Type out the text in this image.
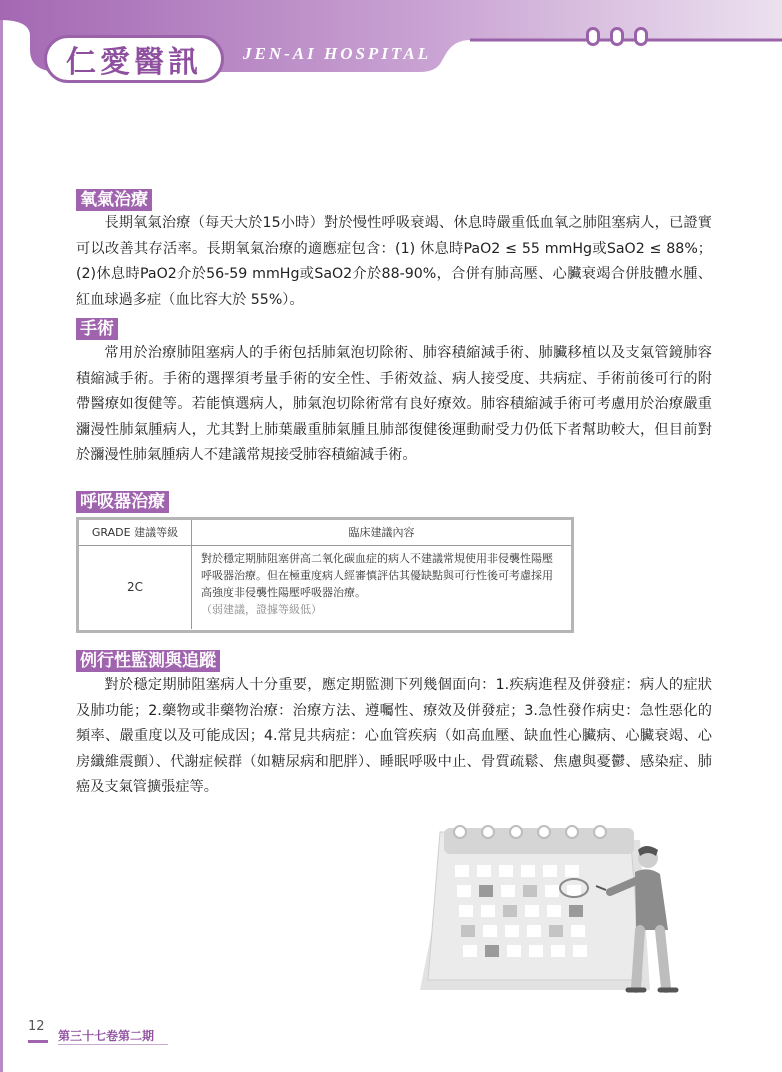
仁愛醫訊 JEN-AI HOSPITAL
氧氣治療

長期氧氣治療（每天大於15小時）對於慢性呼吸衰竭、休息時嚴重低血氧之肺阻塞病人，已證實可以改善其存活率。長期氧氣治療的適應症包含：(1) 休息時PaO2 ≤ 55 mmHg或SaO2 ≤ 88%；(2)休息時PaO2介於56-59 mmHg或SaO2介於88-90%，合併有肺高壓、心臟衰竭合併肢體水腫、紅血球過多症（血比容大於 55%）。

手術

常用於治療肺阻塞病人的手術包括肺氣泡切除術、肺容積縮減手術、肺臟移植以及支氣管鏡肺容積縮減手術。手術的選擇須考量手術的安全性、手術效益、病人接受度、共病症、手術前後可行的附帶醫療如復健等。若能慎選病人，肺氣泡切除術常有良好療效。肺容積縮減手術可考慮用於治療嚴重瀰漫性肺氣腫病人，尤其對上肺葉嚴重肺氣腫且肺部復健後運動耐受力仍低下者幫助較大，但目前對於瀰漫性肺氣腫病人不建議常規接受肺容積縮減手術。

呼吸器治療
GRADE 建議等級	臨床建議內容
2C
對於穩定期肺阻塞併高二氧化碳血症的病人不建議常規使用非侵襲性陽壓呼吸器治療。但在極重度病人經審慎評估其優缺點與可行性後可考慮採用高強度非侵襲性陽壓呼吸器治療。
（弱建議，證據等級低）
例行性監測與追蹤

對於穩定期肺阻塞病人十分重要，應定期監測下列幾個面向：1.疾病進程及併發症：病人的症狀及肺功能；2.藥物或非藥物治療：治療方法、遵囑性、療效及併發症；3.急性發作病史：急性惡化的頻率、嚴重度以及可能成因；4.常見共病症：心血管疾病（如高血壓、缺血性心臟病、心臟衰竭、心房纖維震顫）、代謝症候群（如糖尿病和肥胖）、睡眠呼吸中止、骨質疏鬆、焦慮與憂鬱、感染症、肺癌及支氣管擴張症等。

12
第三十七卷第二期
